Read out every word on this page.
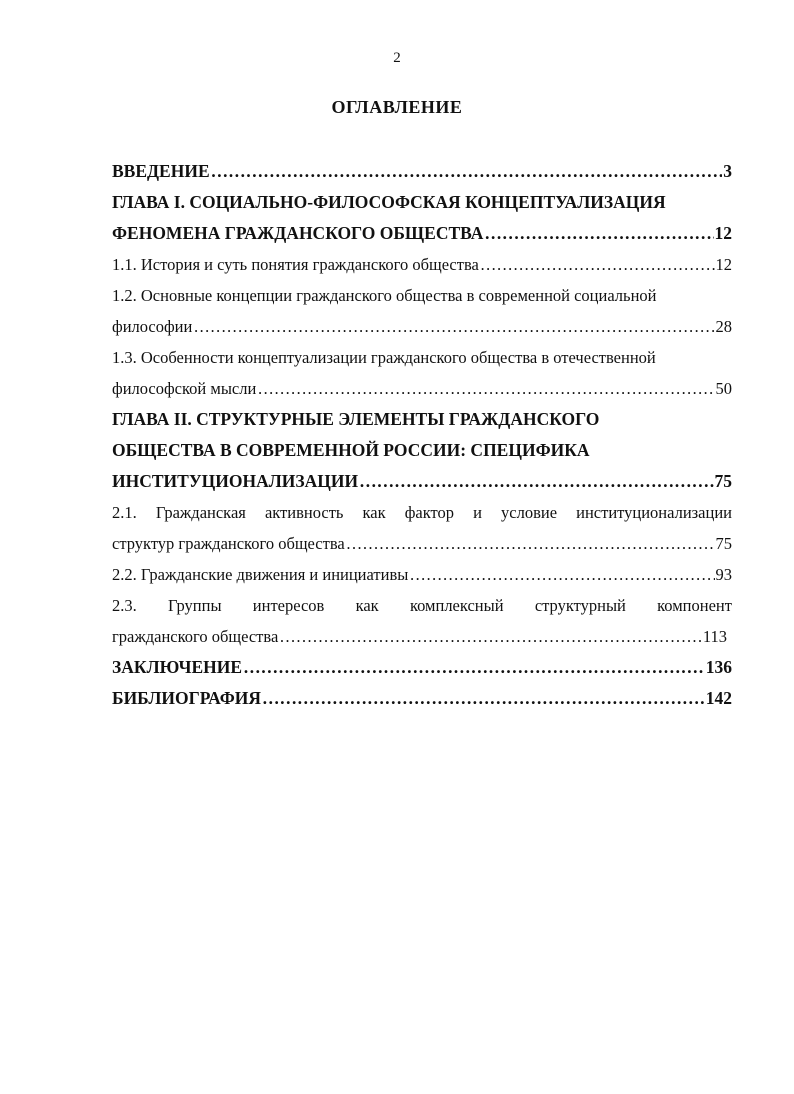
2
ОГЛАВЛЕНИЕ
ВВЕДЕНИЕ …………………………………………………………………………………………………………………………………………………………………………………………	3
ГЛАВА I. СОЦИАЛЬНО-ФИЛОСОФСКАЯ КОНЦЕПТУАЛИЗАЦИЯ
ФЕНОМЕНА ГРАЖДАНСКОГО ОБЩЕСТВА …………………………………………………………………………………………………………………………………………………………………………………………	12
1.1. История и суть понятия гражданского общества …………………………………………………………………………………………………………………………………………………………………………………………	12
1.2. Основные концепции гражданского общества в современной социальной
философии …………………………………………………………………………………………………………………………………………………………………………………………	28
1.3. Особенности концептуализации гражданского общества в отечественной
философской мысли …………………………………………………………………………………………………………………………………………………………………………………………	50
ГЛАВА II. СТРУКТУРНЫЕ ЭЛЕМЕНТЫ ГРАЖДАНСКОГО
ОБЩЕСТВА В СОВРЕМЕННОЙ РОССИИ: СПЕЦИФИКА
ИНСТИТУЦИОНАЛИЗАЦИИ …………………………………………………………………………………………………………………………………………………………………………………………	75
2.1. Гражданская активность как фактор и условие институционализации
структур гражданского общества …………………………………………………………………………………………………………………………………………………………………………………………	75
2.2. Гражданские движения и инициативы …………………………………………………………………………………………………………………………………………………………………………………………	93
2.3. Группы интересов как комплексный структурный компонент
гражданского общества …………………………………………………………………………………………………………………………………………………………………………………………	113
ЗАКЛЮЧЕНИЕ …………………………………………………………………………………………………………………………………………………………………………………………	136
БИБЛИОГРАФИЯ …………………………………………………………………………………………………………………………………………………………………………………………	142
